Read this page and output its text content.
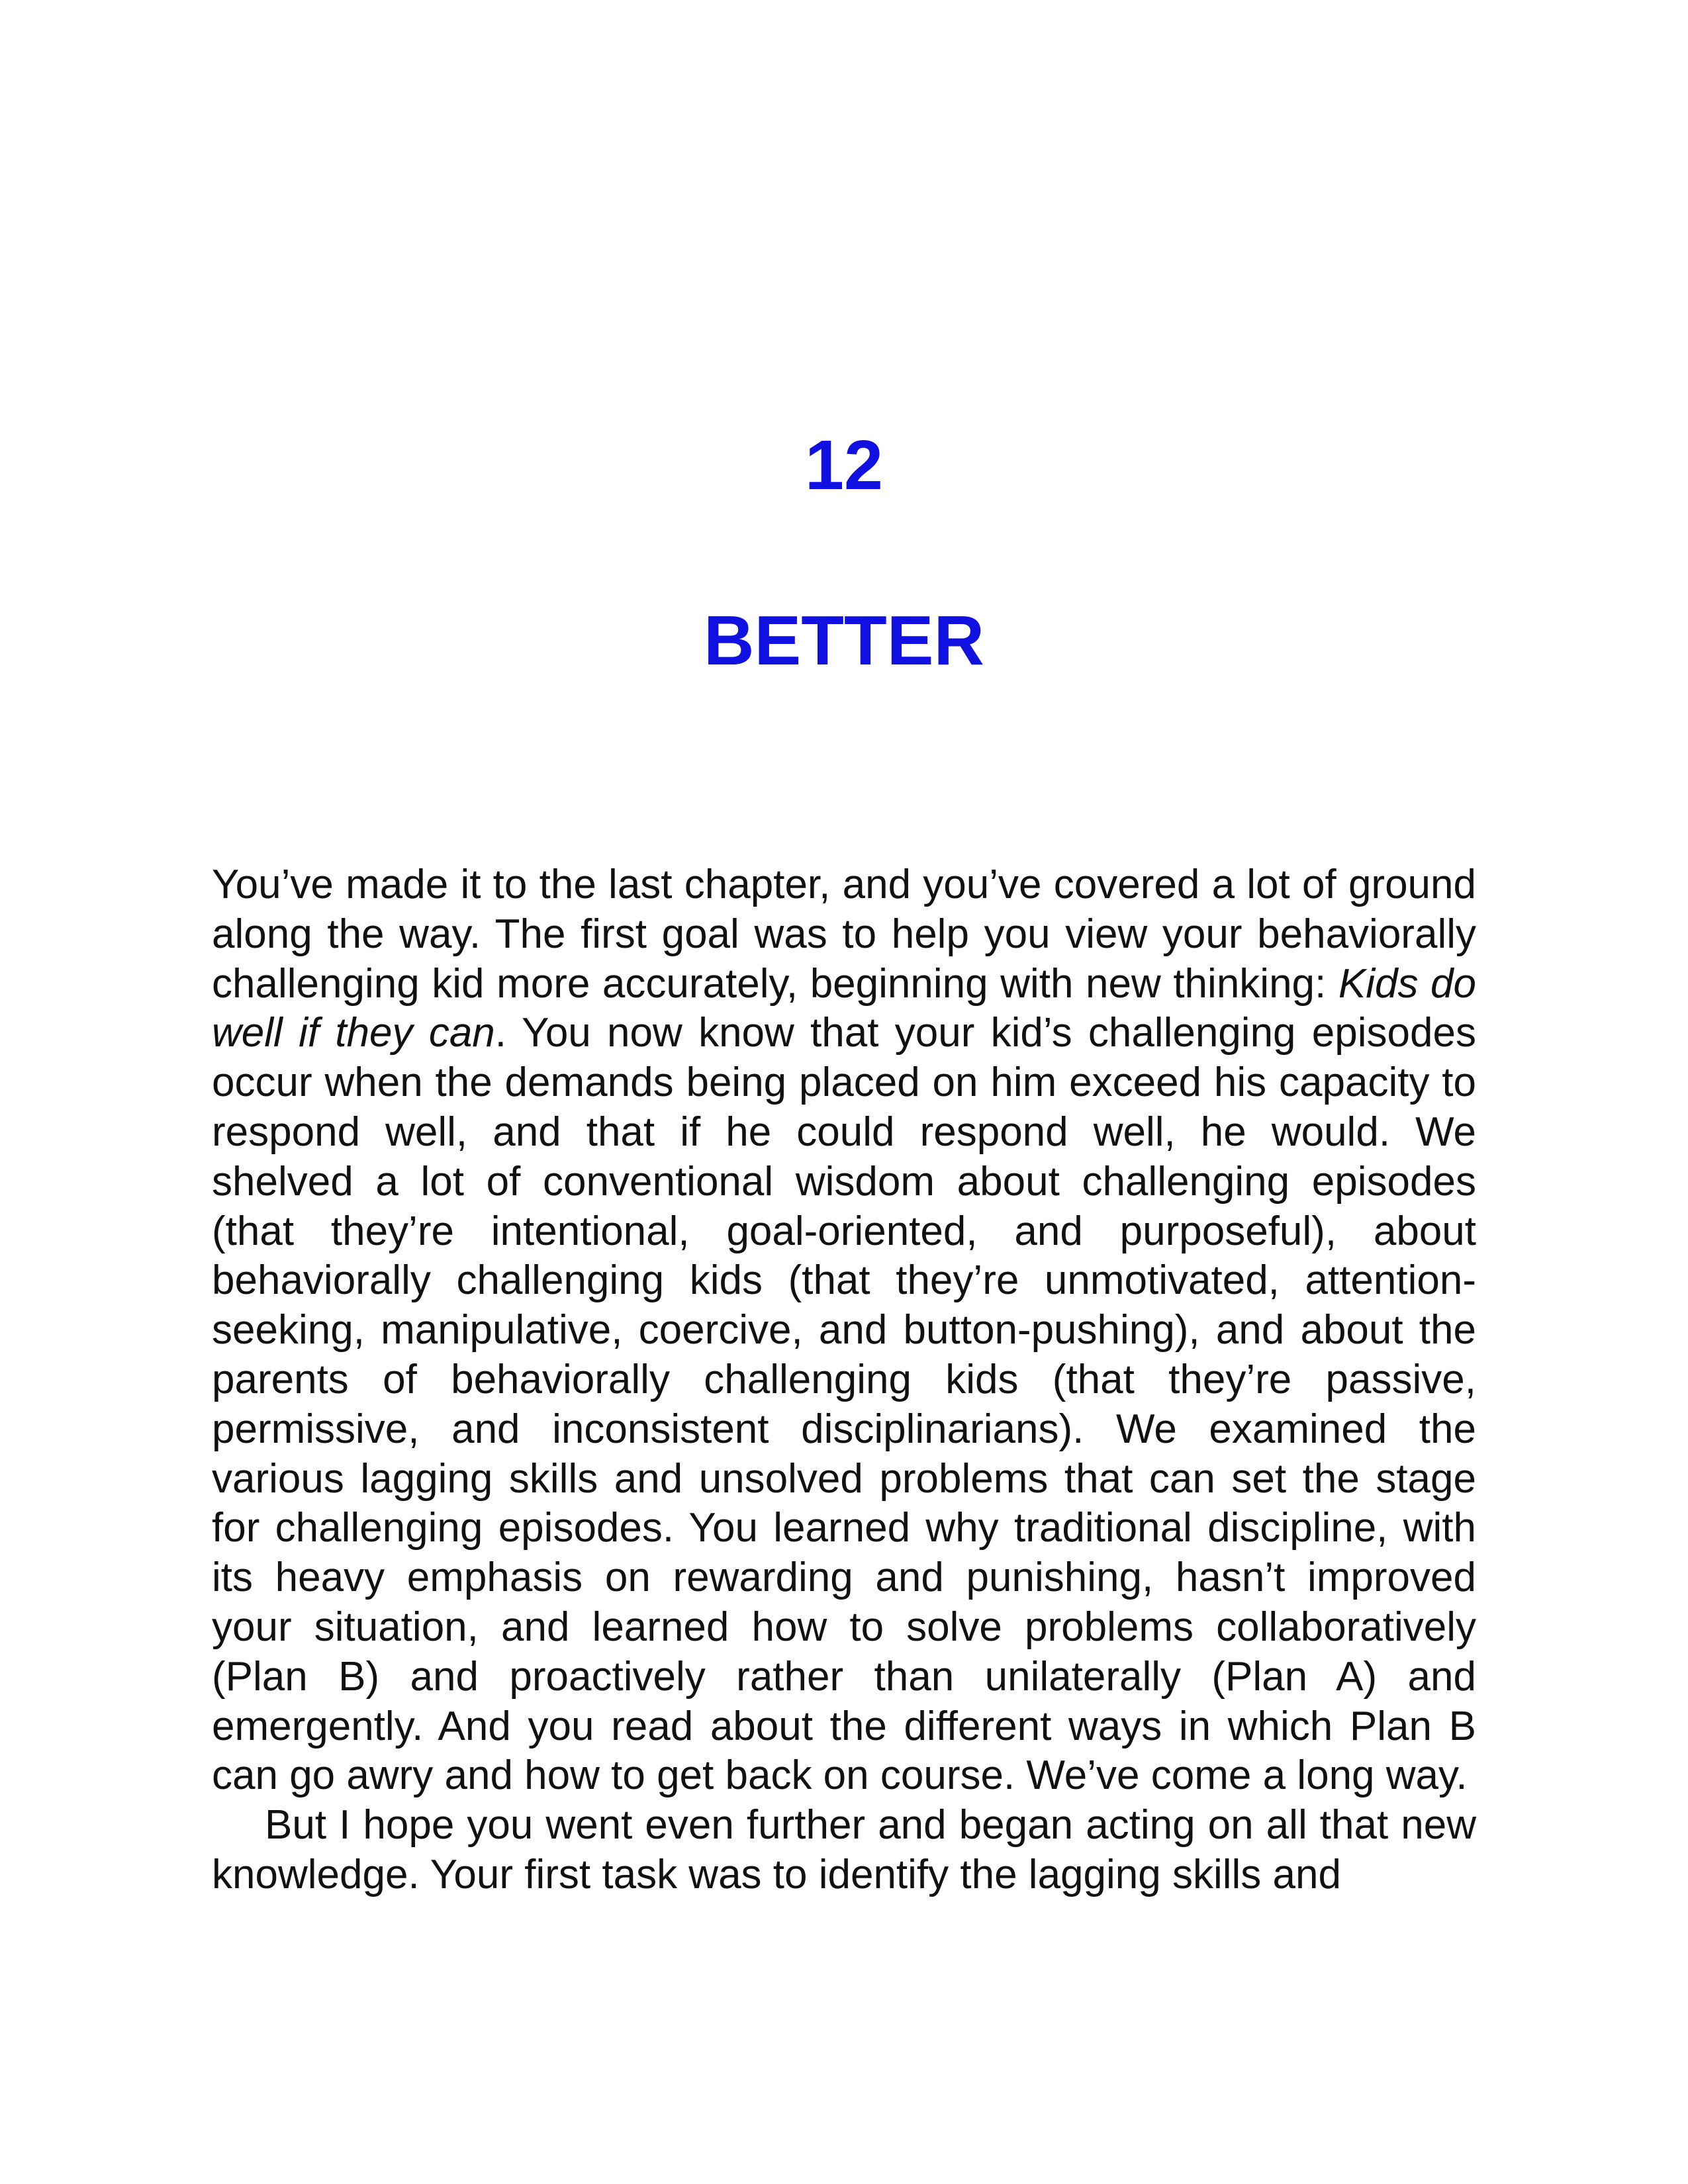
12
BETTER

You’ve made it to the last chapter, and you’ve covered a lot of ground along the way. The first goal was to help you view your behaviorally challenging kid more accurately, beginning with new thinking: Kids do well if they can. You now know that your kid’s challenging episodes occur when the demands being placed on him exceed his capacity to respond well, and that if he could respond well, he would. We shelved a lot of conventional wisdom about challenging episodes (that they’re intentional, goal-oriented, and purposeful), about behaviorally challenging kids (that they’re unmotivated, attention-seeking, manipulative, coercive, and button-pushing), and about the parents of behaviorally challenging kids (that they’re passive, permissive, and inconsistent disciplinarians). We examined the various lagging skills and unsolved problems that can set the stage for challenging episodes. You learned why traditional discipline, with its heavy emphasis on rewarding and punishing, hasn’t improved your situation, and learned how to solve problems collaboratively (Plan B) and proactively rather than unilaterally (Plan A) and emergently. And you read about the different ways in which Plan B can go awry and how to get back on course. We’ve come a long way.

But I hope you went even further and began acting on all that new knowledge. Your first task was to identify the lagging skills and
